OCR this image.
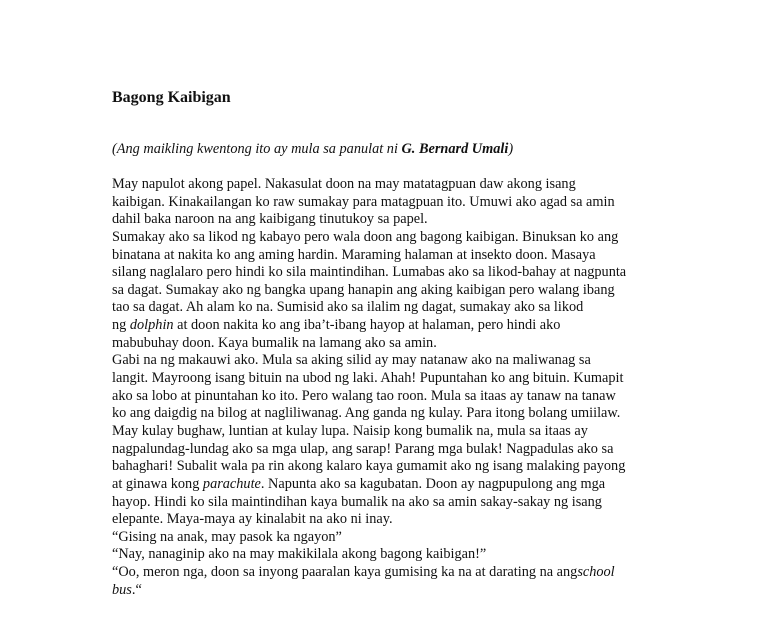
Bagong Kaibigan
(Ang maikling kwentong ito ay mula sa panulat ni G. Bernard Umali)
May napulot akong papel. Nakasulat doon na may matatagpuan daw akong isang
kaibigan. Kinakailangan ko raw sumakay para matagpuan ito. Umuwi ako agad sa amin
dahil baka naroon na ang kaibigang tinutukoy sa papel.
Sumakay ako sa likod ng kabayo pero wala doon ang bagong kaibigan. Binuksan ko ang
binatana at nakita ko ang aming hardin. Maraming halaman at insekto doon. Masaya
silang naglalaro pero hindi ko sila maintindihan. Lumabas ako sa likod-bahay at nagpunta
sa dagat. Sumakay ako ng bangka upang hanapin ang aking kaibigan pero walang ibang
tao sa dagat. Ah alam ko na. Sumisid ako sa ilalim ng dagat, sumakay ako sa likod
ng dolphin at doon nakita ko ang iba’t-ibang hayop at halaman, pero hindi ako
mabubuhay doon. Kaya bumalik na lamang ako sa amin.
Gabi na ng makauwi ako. Mula sa aking silid ay may natanaw ako na maliwanag sa
langit. Mayroong isang bituin na ubod ng laki. Ahah! Pupuntahan ko ang bituin. Kumapit
ako sa lobo at pinuntahan ko ito. Pero walang tao roon. Mula sa itaas ay tanaw na tanaw
ko ang daigdig na bilog at nagliliwanag. Ang ganda ng kulay. Para itong bolang umiilaw.
May kulay bughaw, luntian at kulay lupa. Naisip kong bumalik na, mula sa itaas ay
nagpalundag-lundag ako sa mga ulap, ang sarap! Parang mga bulak! Nagpadulas ako sa
bahaghari! Subalit wala pa rin akong kalaro kaya gumamit ako ng isang malaking payong
at ginawa kong parachute. Napunta ako sa kagubatan. Doon ay nagpupulong ang mga
hayop. Hindi ko sila maintindihan kaya bumalik na ako sa amin sakay-sakay ng isang
elepante. Maya-maya ay kinalabit na ako ni inay.
“Gising na anak, may pasok ka ngayon”
“Nay, nanaginip ako na may makikilala akong bagong kaibigan!”
“Oo, meron nga, doon sa inyong paaralan kaya gumising ka na at darating na angschool
bus.“
